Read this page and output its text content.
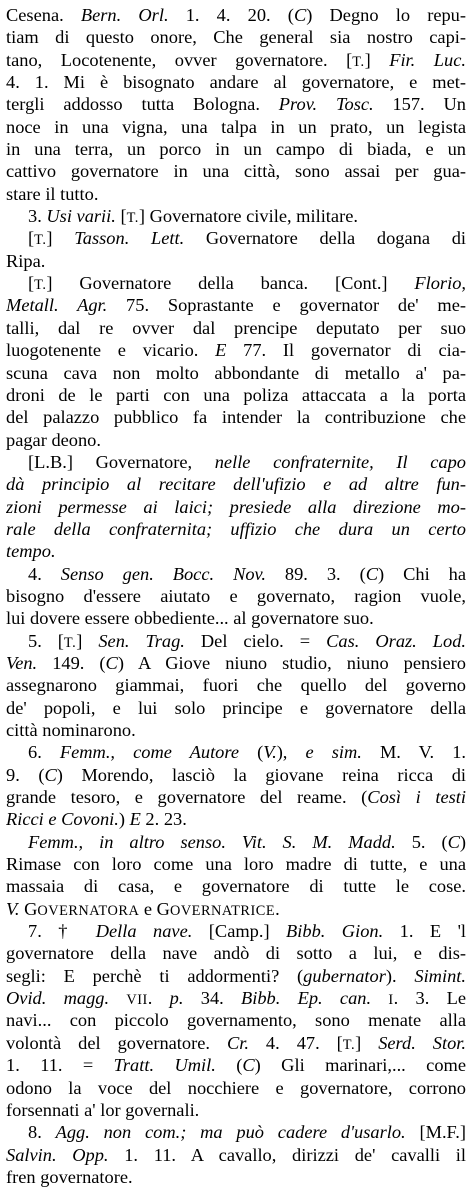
Cesena. Bern. Orl. 1. 4. 20. (C) Degno lo repu-
tiam di questo onore, Che general sia nostro capi-
tano, Locotenente, ovver governatore. [T.] Fir. Luc.
4. 1. Mi è bisognato andare al governatore, e met-
tergli addosso tutta Bologna. Prov. Tosc. 157. Un
noce in una vigna, una talpa in un prato, un legista
in una terra, un porco in un campo di biada, e un
cattivo governatore in una città, sono assai per gua-
stare il tutto.
3. Usi varii. [T.] Governatore civile, militare.
[T.] Tasson. Lett. Governatore della dogana di
Ripa.
[T.] Governatore della banca. [Cont.] Florio,
Metall. Agr. 75. Soprastante e governator de' me-
talli, dal re ovver dal prencipe deputato per suo
luogotenente e vicario. E 77. Il governator di cia-
scuna cava non molto abbondante di metallo a' pa-
droni de le parti con una poliza attaccata a la porta
del palazzo pubblico fa intender la contribuzione che
pagar deono.
[L.B.] Governatore, nelle confraternite, Il capo
dà principio al recitare dell'ufizio e ad altre fun-
zioni permesse ai laici; presiede alla direzione mo-
rale della confraternita; uffizio che dura un certo
tempo.
4. Senso gen. Bocc. Nov. 89. 3. (C) Chi ha
bisogno d'essere aiutato e governato, ragion vuole,
lui dovere essere obbediente... al governatore suo.
5. [T.] Sen. Trag. Del cielo. = Cas. Oraz. Lod.
Ven. 149. (C) A Giove niuno studio, niuno pensiero
assegnarono giammai, fuori che quello del governo
de' popoli, e lui solo principe e governatore della
città nominarono.
6. Femm., come Autore (V.), e sim. M. V. 1.
9. (C) Morendo, lasciò la giovane reina ricca di
grande tesoro, e governatore del reame. (Così i testi
Ricci e Covoni.) E 2. 23.
Femm., in altro senso. Vit. S. M. Madd. 5. (C)
Rimase con loro come una loro madre di tutte, e una
massaia di casa, e governatore di tutte le cose.
V. GOVERNATORA e GOVERNATRICE.
7. † Della nave. [Camp.] Bibb. Gion. 1. E 'l
governatore della nave andò di sotto a lui, e dis-
segli: E perchè ti addormenti? (gubernator). Simint.
Ovid. magg. VII. p. 34. Bibb. Ep. can. I. 3. Le
navi... con piccolo governamento, sono menate alla
volontà del governatore. Cr. 4. 47. [T.] Serd. Stor.
1. 11. = Tratt. Umil. (C) Gli marinari,... come
odono la voce del nocchiere e governatore, corrono
forsennati a' lor governali.
8. Agg. non com.; ma può cadere d'usarlo. [M.F.]
Salvin. Opp. 1. 11. A cavallo, dirizzi de' cavalli il
fren governatore.
